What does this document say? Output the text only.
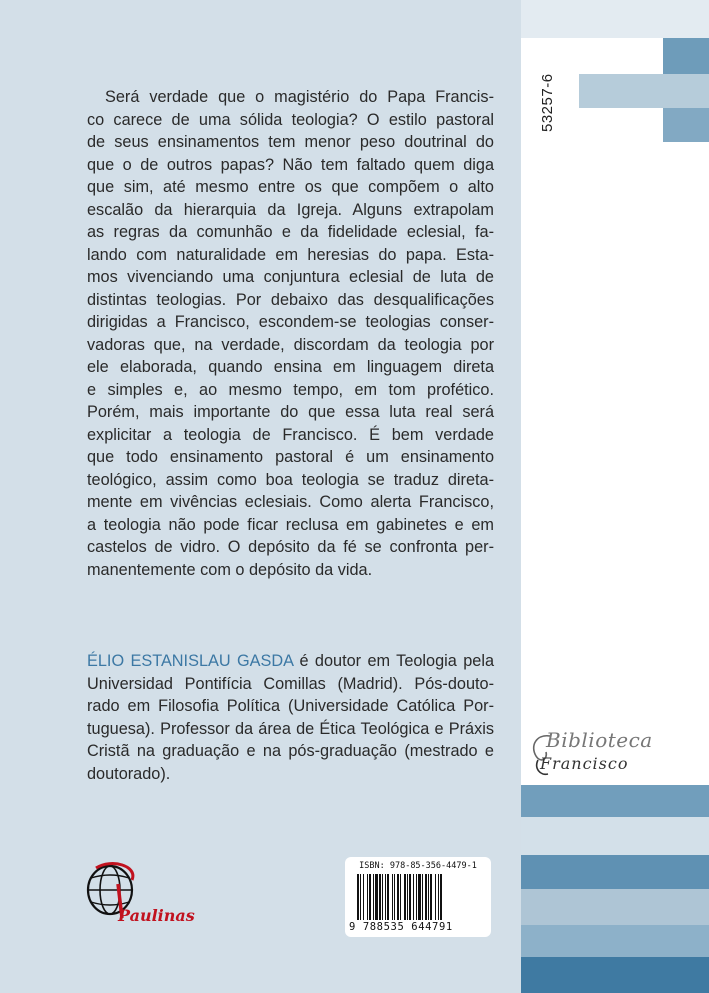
53257-6
Será verdade que o magistério do Papa Francis-
co carece de uma sólida teologia? O estilo pastoral
de seus ensinamentos tem menor peso doutrinal do
que o de outros papas? Não tem faltado quem diga
que sim, até mesmo entre os que compõem o alto
escalão da hierarquia da Igreja. Alguns extrapolam
as regras da comunhão e da fidelidade eclesial, fa-
lando com naturalidade em heresias do papa. Esta-
mos vivenciando uma conjuntura eclesial de luta de
distintas teologias. Por debaixo das desqualificações
dirigidas a Francisco, escondem-se teologias conser-
vadoras que, na verdade, discordam da teologia por
ele elaborada, quando ensina em linguagem direta
e simples e, ao mesmo tempo, em tom profético.
Porém, mais importante do que essa luta real será
explicitar a teologia de Francisco. É bem verdade
que todo ensinamento pastoral é um ensinamento
teológico, assim como boa teologia se traduz direta-
mente em vivências eclesiais. Como alerta Francisco,
a teologia não pode ficar reclusa em gabinetes e em
castelos de vidro. O depósito da fé se confronta per-
manentemente com o depósito da vida.
ÉLIO ESTANISLAU GASDA é doutor em Teologia pela
Universidad Pontifícia Comillas (Madrid). Pós-douto-
rado em Filosofia Política (Universidade Católica Por-
tuguesa). Professor da área de Ética Teológica e Práxis
Cristã na graduação e na pós-graduação (mestrado e
doutorado).
Biblioteca
Francisco
Paulinas
ISBN: 978-85-356-4479-1
9 788535 644791
